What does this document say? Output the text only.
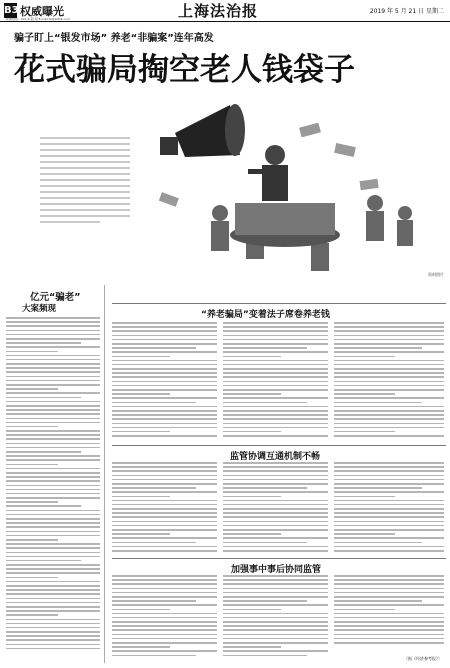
B3 权威曝光
新闻热线：021-6 新 闻 E-mail:fz@shfzb.com	上海法治报	2019 年 5 月 21 日 星期二
骗子盯上“银发市场” 养老“非骗案”连年高发
花式骗局掏空老人钱袋子
资料图片
亿元“骗老”
大案频现
“养老骗局”变着法子席卷养老钱
监管协调互通机制不畅
加强事中事后协同监管
（据《经济参考报》）
